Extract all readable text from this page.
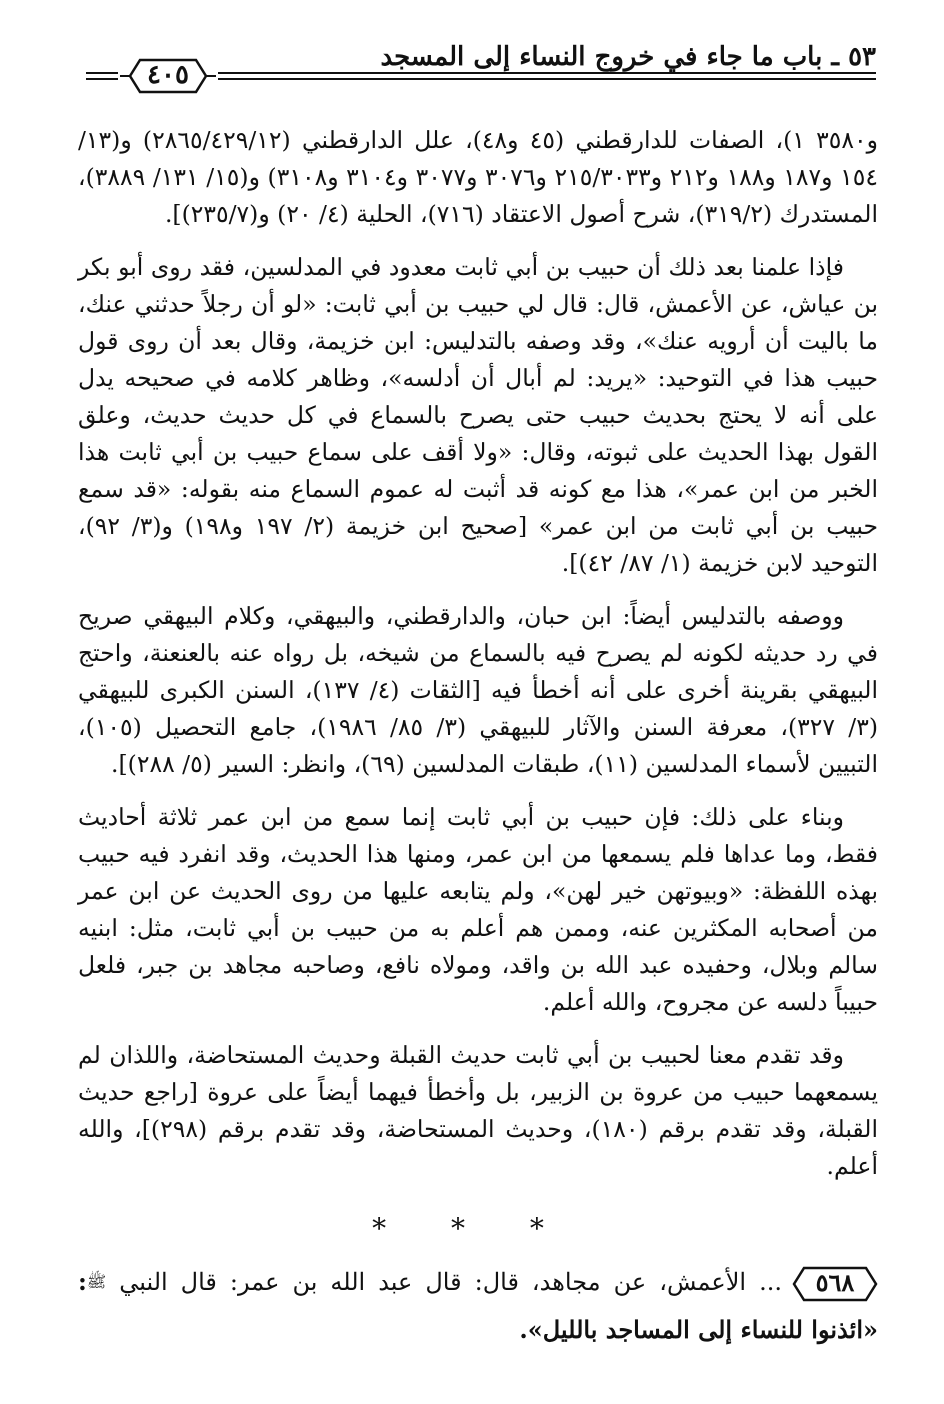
٥٣ ـ باب ما جاء في خروج النساء إلى المسجد
٤٠٥

و٣٥٨٠ ١)، الصفات للدارقطني (٤٥ و٤٨)، علل الدارقطني (٢٨٦٥/٤٢٩/١٢) و(١٣/ ١٥٤ و١٨٧ و١٨٨ و٢١٢ و٢١٥/٣٠٣٣ و٣٠٧٦ و٣٠٧٧ و٣١٠٤ و٣١٠٨) و(١٥/ ١٣١/ ٣٨٨٩)، المستدرك (٣١٩/٢)، شرح أصول الاعتقاد (٧١٦)، الحلية (٤/ ٢٠) و(٢٣٥/٧)].

فإذا علمنا بعد ذلك أن حبيب بن أبي ثابت معدود في المدلسين، فقد روى أبو بكر بن عياش، عن الأعمش، قال: قال لي حبيب بن أبي ثابت: «لو أن رجلاً حدثني عنك، ما باليت أن أرويه عنك»، وقد وصفه بالتدليس: ابن خزيمة، وقال بعد أن روى قول حبيب هذا في التوحيد: «يريد: لم أبال أن أدلسه»، وظاهر كلامه في صحيحه يدل على أنه لا يحتج بحديث حبيب حتى يصرح بالسماع في كل حديث حديث، وعلق القول بهذا الحديث على ثبوته، وقال: «ولا أقف على سماع حبيب بن أبي ثابت هذا الخبر من ابن عمر»، هذا مع كونه قد أثبت له عموم السماع منه بقوله: «قد سمع حبيب بن أبي ثابت من ابن عمر» [صحيح ابن خزيمة (٢/ ١٩٧ و١٩٨) و(٣/ ٩٢)، التوحيد لابن خزيمة (١/ ٨٧/ ٤٢)].

ووصفه بالتدليس أيضاً: ابن حبان، والدارقطني، والبيهقي، وكلام البيهقي صريح في رد حديثه لكونه لم يصرح فيه بالسماع من شيخه، بل رواه عنه بالعنعنة، واحتج البيهقي بقرينة أخرى على أنه أخطأ فيه [الثقات (٤/ ١٣٧)، السنن الكبرى للبيهقي (٣/ ٣٢٧)، معرفة السنن والآثار للبيهقي (٣/ ٨٥/ ١٩٨٦)، جامع التحصيل (١٠٥)، التبيين لأسماء المدلسين (١١)، طبقات المدلسين (٦٩)، وانظر: السير (٥/ ٢٨٨)].

وبناء على ذلك: فإن حبيب بن أبي ثابت إنما سمع من ابن عمر ثلاثة أحاديث فقط، وما عداها فلم يسمعها من ابن عمر، ومنها هذا الحديث، وقد انفرد فيه حبيب بهذه اللفظة: «وبيوتهن خير لهن»، ولم يتابعه عليها من روى الحديث عن ابن عمر من أصحابه المكثرين عنه، وممن هم أعلم به من حبيب بن أبي ثابت، مثل: ابنيه سالم وبلال، وحفيده عبد الله بن واقد، ومولاه نافع، وصاحبه مجاهد بن جبر، فلعل حبيباً دلسه عن مجروح، والله أعلم.

وقد تقدم معنا لحبيب بن أبي ثابت حديث القبلة وحديث المستحاضة، واللذان لم يسمعهما حبيب من عروة بن الزبير، بل وأخطأ فيهما أيضاً على عروة [راجع حديث القبلة، وقد تقدم برقم (١٨٠)، وحديث المستحاضة، وقد تقدم برقم (٢٩٨)]، والله أعلم.

* * *
٥٦٨
... الأعمش، عن مجاهد، قال: قال عبد الله بن عمر: قال النبي $^ﷺ$: «ائذنوا للنساء إلى المساجد بالليل».
